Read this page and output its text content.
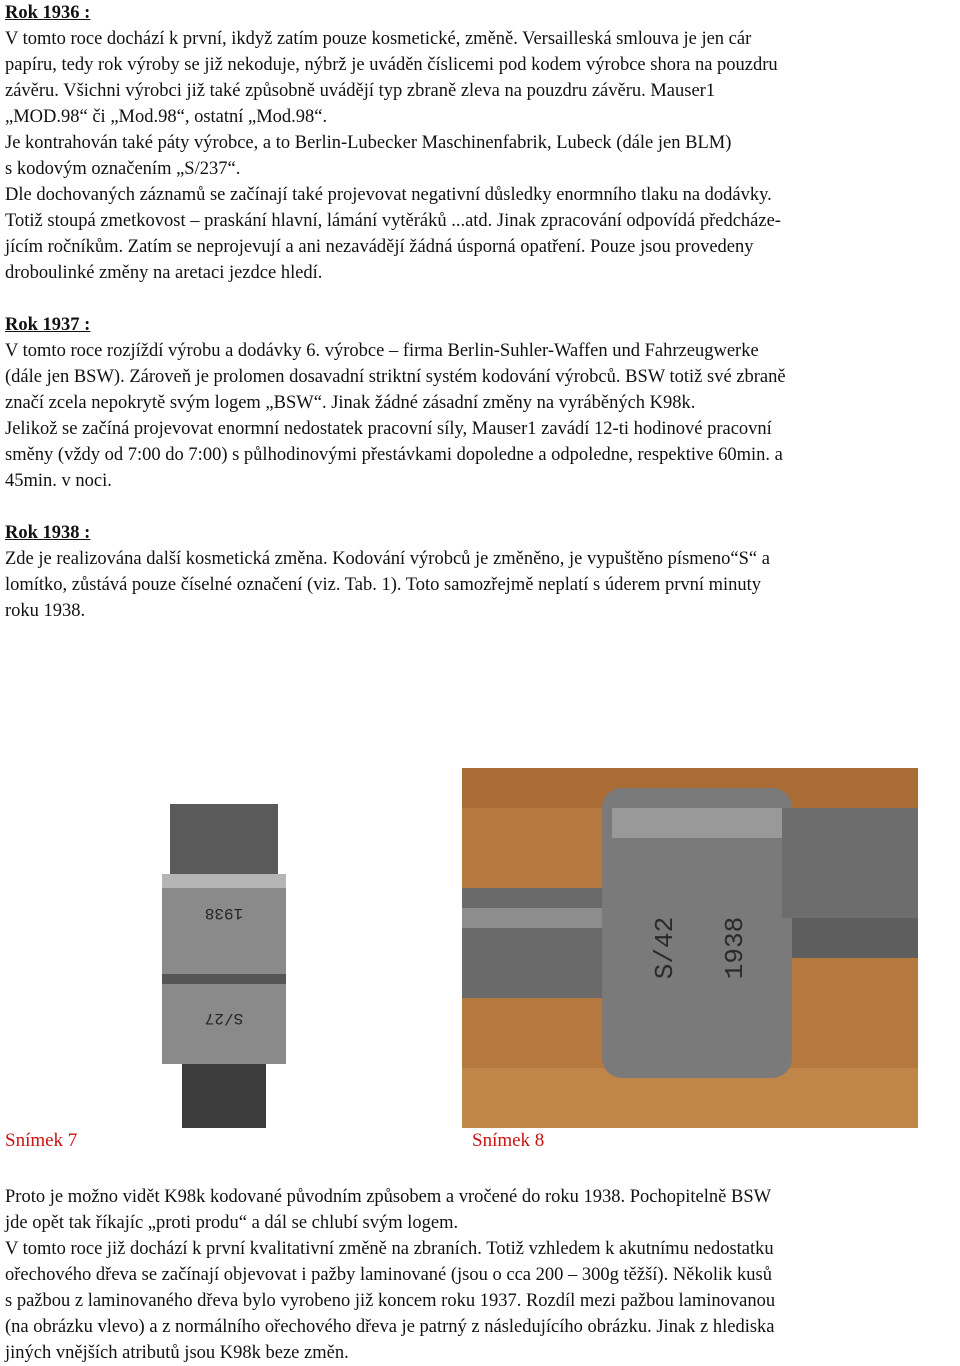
Rok 1936 :
V tomto roce dochází k první, ikdyž zatím pouze kosmetické, změně. Versailleská smlouva je jen cár
papíru, tedy rok výroby se již nekoduje, nýbrž je uváděn číslicemi pod kodem výrobce shora na pouzdru
závěru. Všichni výrobci již také způsobně uvádějí typ zbraně zleva na pouzdru závěru. Mauser1
„MOD.98“ či „Mod.98“, ostatní „Mod.98“.
Je kontrahován také páty výrobce, a to Berlin-Lubecker Maschinenfabrik, Lubeck (dále jen BLM)
s kodovým označením „S/237“.
Dle dochovaných záznamů se začínají také projevovat negativní důsledky enormního tlaku na dodávky.
Totiž stoupá zmetkovost – praskání hlavní, lámání vytěráků ...atd. Jinak zpracování odpovídá předcháze-
jícím ročníkům. Zatím se neprojevují a ani nezavádějí žádná úsporná opatření. Pouze jsou provedeny
droboulinké změny na aretaci jezdce hledí.
Rok 1937 :
V tomto roce rozjíždí výrobu a dodávky 6. výrobce – firma Berlin-Suhler-Waffen und Fahrzeugwerke
(dále jen BSW). Zároveň je prolomen dosavadní striktní systém kodování výrobců. BSW totiž své zbraně
značí zcela nepokrytě svým logem „BSW“. Jinak žádné zásadní změny na vyráběných K98k.
Jelikož se začíná projevovat enormní nedostatek pracovní síly, Mauser1 zavádí 12-ti hodinové pracovní
směny (vždy od 7:00 do 7:00) s půlhodinovými přestávkami dopoledne a odpoledne, respektive 60min. a
45min. v noci.
Rok 1938 :
Zde je realizována další kosmetická změna. Kodování výrobců je změněno, je vypuštěno písmeno“S“ a
lomítko, zůstává pouze číselné označení (viz. Tab. 1). Toto samozřejmě neplatí s úderem první minuty
roku 1938.
1938
S/27
S/42 1938
Snímek 7	Snímek 8
Proto je možno vidět K98k kodované původním způsobem a vročené do roku 1938. Pochopitelně BSW
jde opět tak říkajíc „proti produ“ a dál se chlubí svým logem.
V tomto roce již dochází k první kvalitativní změně na zbraních. Totiž vzhledem k akutnímu nedostatku
ořechového dřeva se začínají objevovat i pažby laminované (jsou o cca 200 – 300g těžší). Několik kusů
s pažbou z laminovaného dřeva bylo vyrobeno již koncem roku 1937. Rozdíl mezi pažbou laminovanou
(na obrázku vlevo) a z normálního ořechového dřeva je patrný z následujícího obrázku. Jinak z hlediska
jiných vnějších atributů jsou K98k beze změn.
